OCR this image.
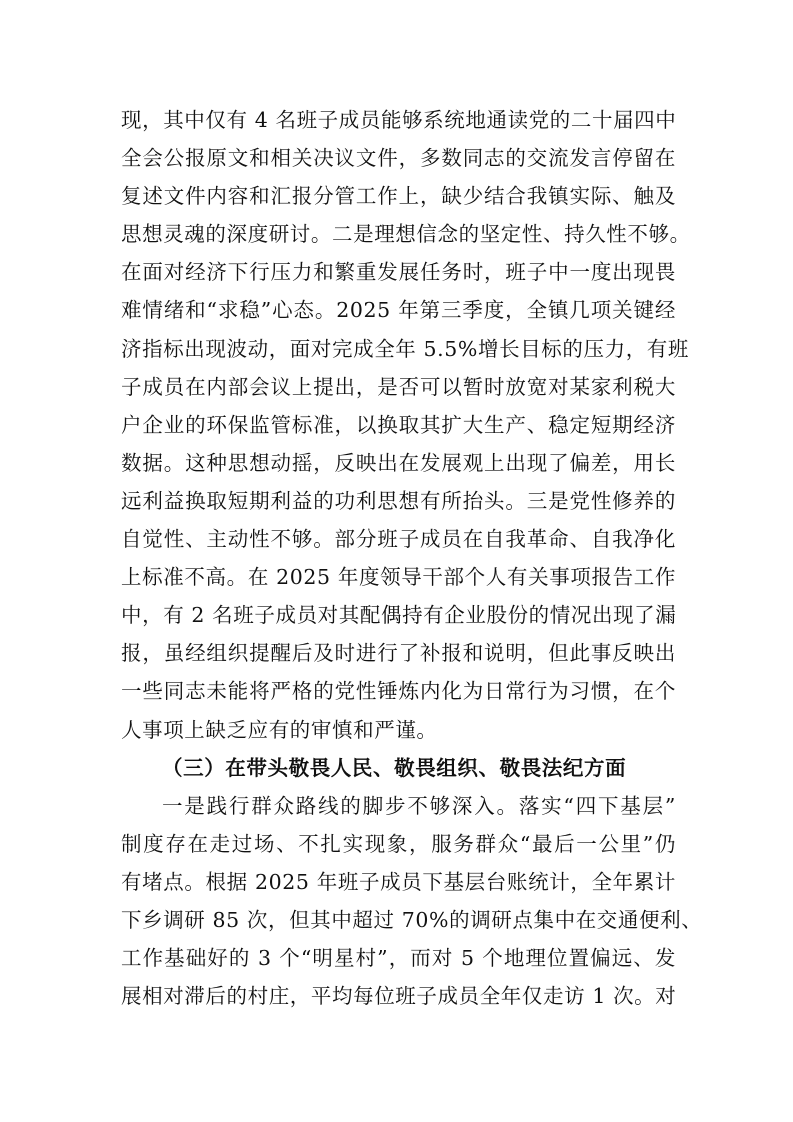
现，其中仅有 4 名班子成员能够系统地通读党的二十届四中
全会公报原文和相关决议文件，多数同志的交流发言停留在
复述文件内容和汇报分管工作上，缺少结合我镇实际、触及
思想灵魂的深度研讨。二是理想信念的坚定性、持久性不够。
在面对经济下行压力和繁重发展任务时，班子中一度出现畏
难情绪和“求稳”心态。2025 年第三季度，全镇几项关键经
济指标出现波动，面对完成全年 5.5%增长目标的压力，有班
子成员在内部会议上提出，是否可以暂时放宽对某家利税大
户企业的环保监管标准，以换取其扩大生产、稳定短期经济
数据。这种思想动摇，反映出在发展观上出现了偏差，用长
远利益换取短期利益的功利思想有所抬头。三是党性修养的
自觉性、主动性不够。部分班子成员在自我革命、自我净化
上标准不高。在 2025 年度领导干部个人有关事项报告工作
中，有 2 名班子成员对其配偶持有企业股份的情况出现了漏
报，虽经组织提醒后及时进行了补报和说明，但此事反映出
一些同志未能将严格的党性锤炼内化为日常行为习惯，在个
人事项上缺乏应有的审慎和严谨。
（三）在带头敬畏人民、敬畏组织、敬畏法纪方面
一是践行群众路线的脚步不够深入。落实“四下基层”
制度存在走过场、不扎实现象，服务群众“最后一公里”仍
有堵点。根据 2025 年班子成员下基层台账统计，全年累计
下乡调研 85 次，但其中超过 70%的调研点集中在交通便利、
工作基础好的 3 个“明星村”，而对 5 个地理位置偏远、发
展相对滞后的村庄，平均每位班子成员全年仅走访 1 次。对
